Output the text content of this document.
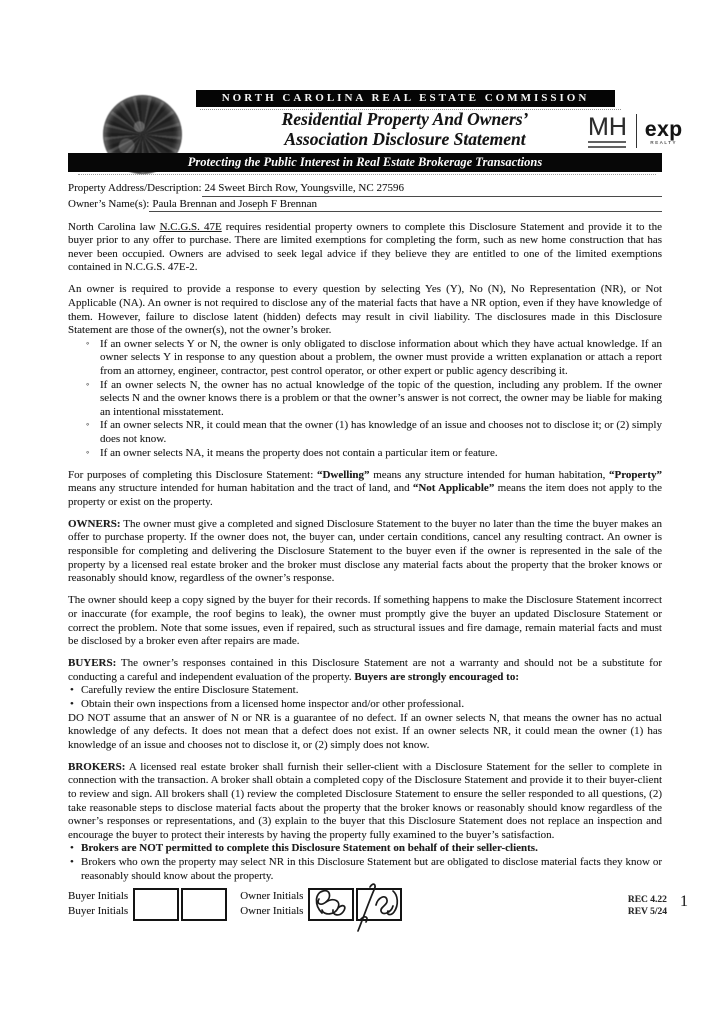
NORTH CAROLINA REAL ESTATE COMMISSION
Residential Property And Owners’
Association Disclosure Statement	MH exp
REALTY
Protecting the Public Interest in Real Estate Brokerage Transactions
Property Address/Description: 24 Sweet Birch Row, Youngsville, NC 27596
Owner’s Name(s): Paula Brennan and Joseph F Brennan

North Carolina law N.C.G.S. 47E requires residential property owners to complete this Disclosure Statement and provide it to the buyer prior to any offer to purchase. There are limited exemptions for completing the form, such as new home construction that has never been occupied. Owners are advised to seek legal advice if they believe they are entitled to one of the limited exemptions contained in N.C.G.S. 47E-2.

An owner is required to provide a response to every question by selecting Yes (Y), No (N), No Representation (NR), or Not Applicable (NA). An owner is not required to disclose any of the material facts that have a NR option, even if they have knowledge of them. However, failure to disclose latent (hidden) defects may result in civil liability. The disclosures made in this Disclosure Statement are those of the owner(s), not the owner’s broker.

◦ If an owner selects Y or N, the owner is only obligated to disclose information about which they have actual knowledge. If an owner selects Y in response to any question about a problem, the owner must provide a written explanation or attach a report from an attorney, engineer, contractor, pest control operator, or other expert or public agency describing it.
◦ If an owner selects N, the owner has no actual knowledge of the topic of the question, including any problem. If the owner selects N and the owner knows there is a problem or that the owner’s answer is not correct, the owner may be liable for making an intentional misstatement.
◦ If an owner selects NR, it could mean that the owner (1) has knowledge of an issue and chooses not to disclose it; or (2) simply does not know.
◦ If an owner selects NA, it means the property does not contain a particular item or feature.

For purposes of completing this Disclosure Statement: “Dwelling” means any structure intended for human habitation, “Property” means any structure intended for human habitation and the tract of land, and “Not Applicable” means the item does not apply to the property or exist on the property.

OWNERS: The owner must give a completed and signed Disclosure Statement to the buyer no later than the time the buyer makes an offer to purchase property. If the owner does not, the buyer can, under certain conditions, cancel any resulting contract. An owner is responsible for completing and delivering the Disclosure Statement to the buyer even if the owner is represented in the sale of the property by a licensed real estate broker and the broker must disclose any material facts about the property that the broker knows or reasonably should know, regardless of the owner’s response.

The owner should keep a copy signed by the buyer for their records. If something happens to make the Disclosure Statement incorrect or inaccurate (for example, the roof begins to leak), the owner must promptly give the buyer an updated Disclosure Statement or correct the problem. Note that some issues, even if repaired, such as structural issues and fire damage, remain material facts and must be disclosed by a broker even after repairs are made.

BUYERS: The owner’s responses contained in this Disclosure Statement are not a warranty and should not be a substitute for conducting a careful and independent evaluation of the property. Buyers are strongly encouraged to:

• Carefully review the entire Disclosure Statement.
• Obtain their own inspections from a licensed home inspector and/or other professional.

DO NOT assume that an answer of N or NR is a guarantee of no defect. If an owner selects N, that means the owner has no actual knowledge of any defects. It does not mean that a defect does not exist. If an owner selects NR, it could mean the owner (1) has knowledge of an issue and chooses not to disclose it, or (2) simply does not know.

BROKERS: A licensed real estate broker shall furnish their seller-client with a Disclosure Statement for the seller to complete in connection with the transaction. A broker shall obtain a completed copy of the Disclosure Statement and provide it to their buyer-client to review and sign. All brokers shall (1) review the completed Disclosure Statement to ensure the seller responded to all questions, (2) take reasonable steps to disclose material facts about the property that the broker knows or reasonably should know regardless of the owner’s responses or representations, and (3) explain to the buyer that this Disclosure Statement does not replace an inspection and encourage the buyer to protect their interests by having the property fully examined to the buyer’s satisfaction.

• Brokers are NOT permitted to complete this Disclosure Statement on behalf of their seller-clients.
• Brokers who own the property may select NR in this Disclosure Statement but are obligated to disclose material facts they know or reasonably should know about the property.
Buyer Initials
Buyer Initials
Owner Initials
Owner Initials
REC 4.22
REV 5/24
1
